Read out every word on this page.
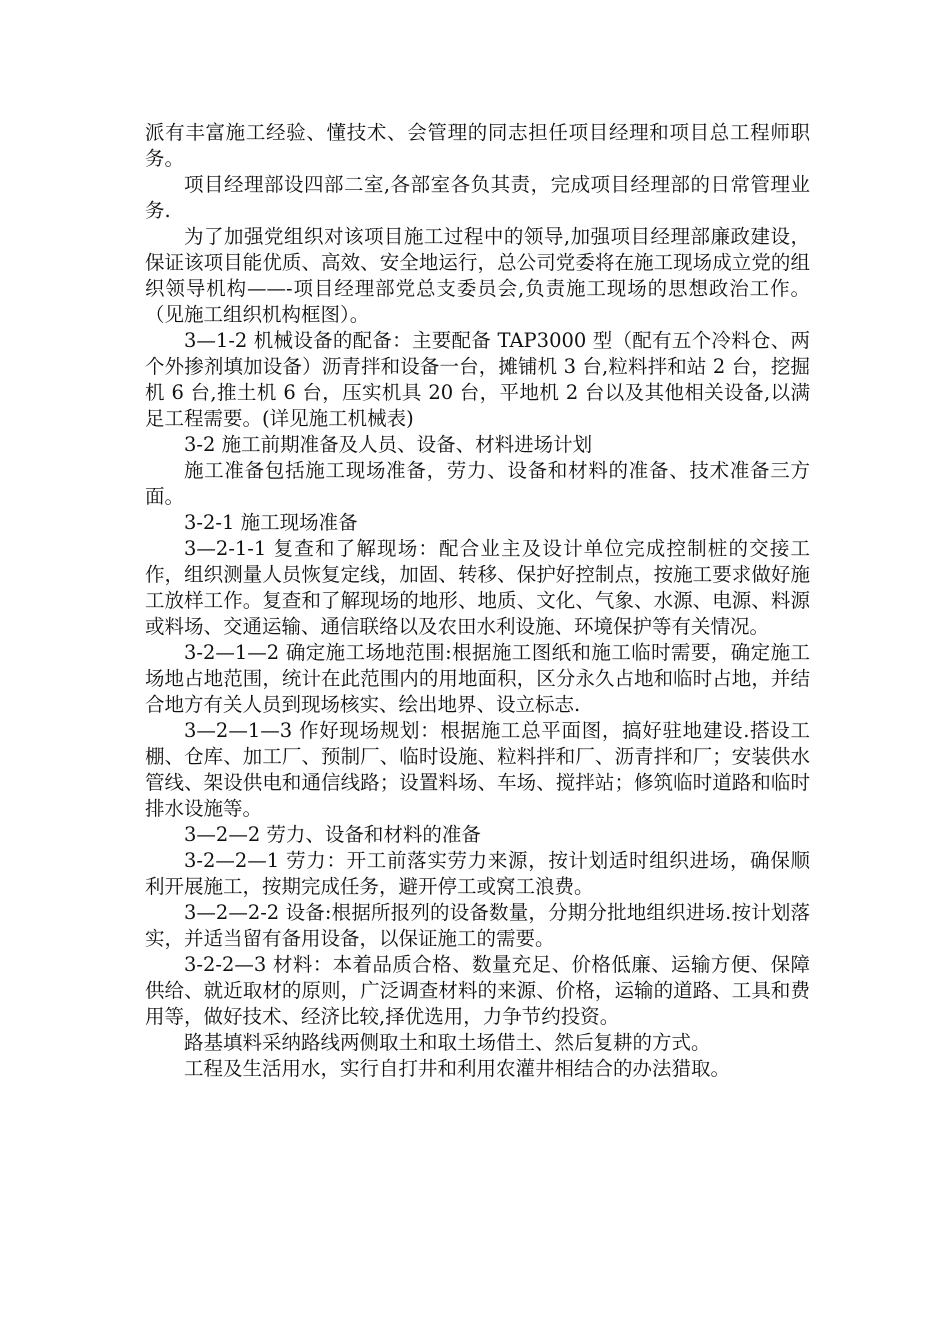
派有丰富施工经验、懂技术、会管理的同志担任项目经理和项目总工程师职务。

项目经理部设四部二室,各部室各负其责，完成项目经理部的日常管理业务.

为了加强党组织对该项目施工过程中的领导,加强项目经理部廉政建设，保证该项目能优质、高效、安全地运行，总公司党委将在施工现场成立党的组织领导机构——-项目经理部党总支委员会,负责施工现场的思想政治工作。（见施工组织机构框图）。

3—1-2 机械设备的配备：主要配备 TAP3000 型（配有五个冷料仓、两个外掺剂填加设备）沥青拌和设备一台，摊铺机 3 台,粒料拌和站 2 台，挖掘机 6 台,推土机 6 台，压实机具 20 台，平地机 2 台以及其他相关设备,以满足工程需要。(详见施工机械表)

3-2 施工前期准备及人员、设备、材料进场计划

施工准备包括施工现场准备，劳力、设备和材料的准备、技术准备三方面。

3-2-1 施工现场准备

3—2-1-1 复查和了解现场：配合业主及设计单位完成控制桩的交接工作，组织测量人员恢复定线，加固、转移、保护好控制点，按施工要求做好施工放样工作。复查和了解现场的地形、地质、文化、气象、水源、电源、料源或料场、交通运输、通信联络以及农田水利设施、环境保护等有关情况。

3-2—1—2 确定施工场地范围:根据施工图纸和施工临时需要，确定施工场地占地范围，统计在此范围内的用地面积，区分永久占地和临时占地，并结合地方有关人员到现场核实、绘出地界、设立标志.

3—2—1—3 作好现场规划：根据施工总平面图，搞好驻地建设.搭设工棚、仓库、加工厂、预制厂、临时设施、粒料拌和厂、沥青拌和厂；安装供水管线、架设供电和通信线路；设置料场、车场、搅拌站；修筑临时道路和临时排水设施等。

3—2—2 劳力、设备和材料的准备

3-2—2—1 劳力：开工前落实劳力来源，按计划适时组织进场，确保顺利开展施工，按期完成任务，避开停工或窝工浪费。

3—2—2-2 设备:根据所报列的设备数量，分期分批地组织进场.按计划落实，并适当留有备用设备，以保证施工的需要。

3-2-2—3 材料：本着品质合格、数量充足、价格低廉、运输方便、保障供给、就近取材的原则，广泛调查材料的来源、价格，运输的道路、工具和费用等，做好技术、经济比较,择优选用，力争节约投资。

路基填料采纳路线两侧取土和取土场借土、然后复耕的方式。

工程及生活用水，实行自打井和利用农灌井相结合的办法猎取。
